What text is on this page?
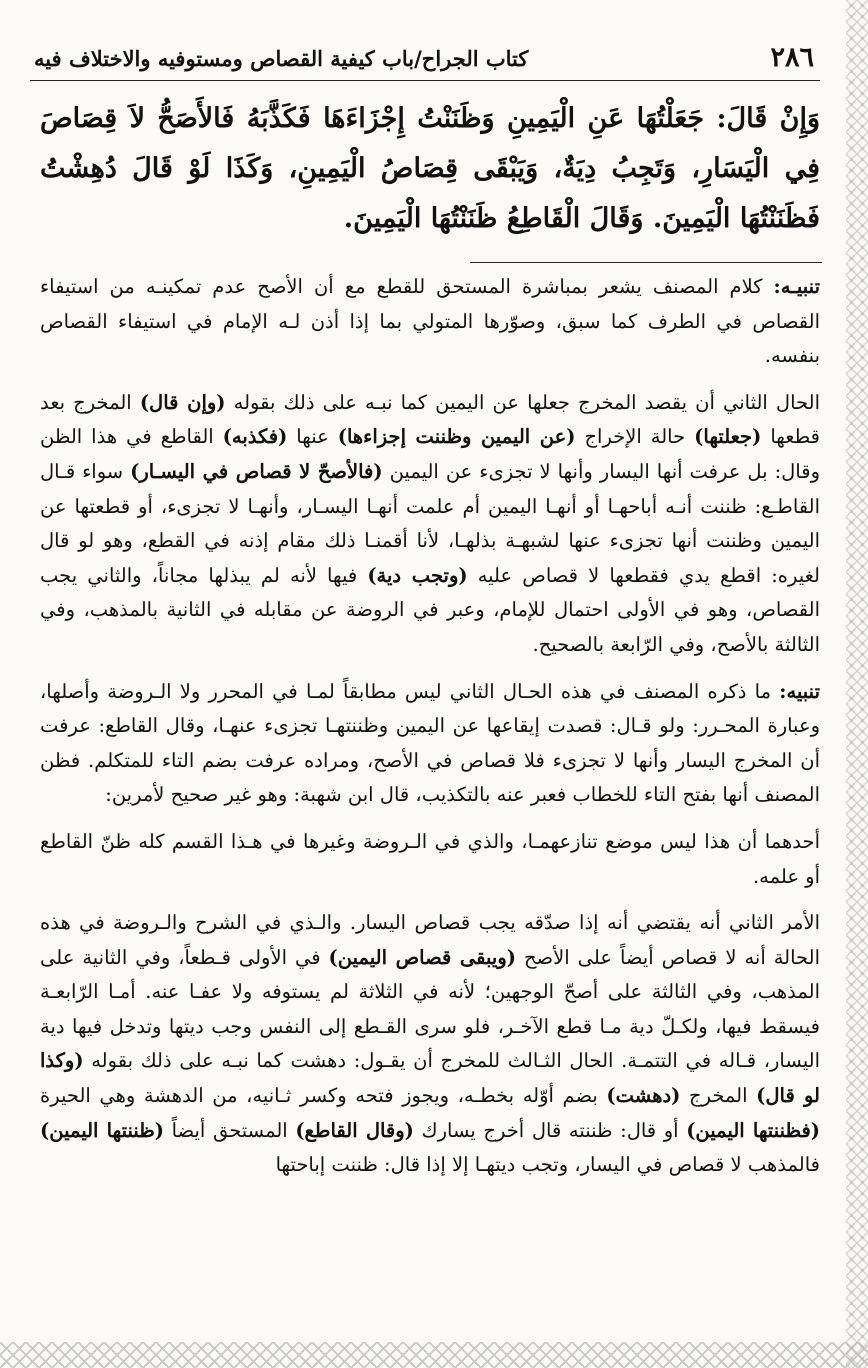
٢٨٦
كتاب الجراح/باب كيفية القصاص ومستوفيه والاختلاف فيه
وَإِنْ قَالَ: جَعَلْتُهَا عَنِ الْيَمِينِ وَظَنَنْتُ إِجْزَاءَهَا فَكَذَّبَهُ فَالأَصَحُّ لاَ قِصَاصَ فِي الْيَسَارِ، وَتَجِبُ دِيَةٌ، وَيَبْقَى قِصَاصُ الْيَمِينِ، وَكَذَا لَوْ قَالَ دُهِشْتُ فَظَنَنْتُهَا الْيَمِينَ. وَقَالَ الْقَاطِعُ ظَنَنْتُهَا الْيَمِينَ.

تنبيـه: كلام المصنف يشعر بمباشرة المستحق للقطع مع أن الأصح عدم تمكينـه من استيفاء القصاص في الطرف كما سبق، وصوّرها المتولي بما إذا أذن لـه الإمام في استيفاء القصاص بنفسه.

الحال الثاني أن يقصد المخرج جعلها عن اليمين كما نبـه على ذلك بقوله (وإن قال) المخرج بعد قطعها (جعلتها) حالة الإخراج (عن اليمين وظننت إجزاءها) عنها (فكذبه) القاطع في هذا الظن وقال: بل عرفت أنها اليسار وأنها لا تجزىء عن اليمين (فالأصحّ لا قصاص في اليسـار) سواء قـال القاطـع: ظننت أنـه أباحهـا أو أنهـا اليمين أم علمت أنهـا اليسـار، وأنهـا لا تجزىء، أو قطعتها عن اليمين وظننت أنها تجزىء عنها لشبهـة بذلهـا، لأنا أقمنـا ذلك مقام إذنه في القطع، وهو لو قال لغيره: اقطع يدي فقطعها لا قصاص عليه (وتجب دية) فيها لأنه لم يبذلها مجاناً، والثاني يجب القصاص، وهو في الأولى احتمال للإمام، وعبر في الروضة عن مقابله في الثانية بالمذهب، وفي الثالثة بالأصح، وفي الرّابعة بالصحيح.

تنبيه: ما ذكره المصنف في هذه الحـال الثاني ليس مطابقاً لمـا في المحرر ولا الـروضة وأصلها، وعبارة المحـرر: ولو قـال: قصدت إيقاعها عن اليمين وظننتهـا تجزىء عنهـا، وقال القاطع: عرفت أن المخرج اليسار وأنها لا تجزىء فلا قصاص في الأصح، ومراده عرفت بضم التاء للمتكلم. فظن المصنف أنها بفتح التاء للخطاب فعبر عنه بالتكذيب، قال ابن شهبة: وهو غير صحيح لأمرين:

أحدهما أن هذا ليس موضع تنازعهمـا، والذي في الـروضة وغيرها في هـذا القسم كله ظنّ القاطع أو علمه.

الأمر الثاني أنه يقتضي أنه إذا صدّقه يجب قصاص اليسار. والـذي في الشرح والـروضة في هذه الحالة أنه لا قصاص أيضاً على الأصح (ويبقى قصاص اليمين) في الأولى قـطعاً، وفي الثانية على المذهب، وفي الثالثة على أصحّ الوجهين؛ لأنه في الثلاثة لم يستوفه ولا عفـا عنه. أمـا الرّابعـة فيسقط فيها، ولكـلّ دية مـا قطع الآخـر، فلو سرى القـطع إلى النفس وجب ديتها وتدخل فيها دية اليسار، قـاله في التتمـة. الحال الثـالث للمخرج أن يقـول: دهشت كما نبـه على ذلك بقوله (وكذا لو قال) المخرج (دهشت) بضم أوّله بخطـه، ويجوز فتحه وكسر ثـانيه، من الدهشة وهي الحيرة (فظننتها اليمين) أو قال: ظننته قال أخرج يسارك (وقال القاطع) المستحق أيضاً (ظننتها اليمين) فالمذهب لا قصاص في اليسار، وتجب ديتهـا إلا إذا قال: ظننت إباحتها
